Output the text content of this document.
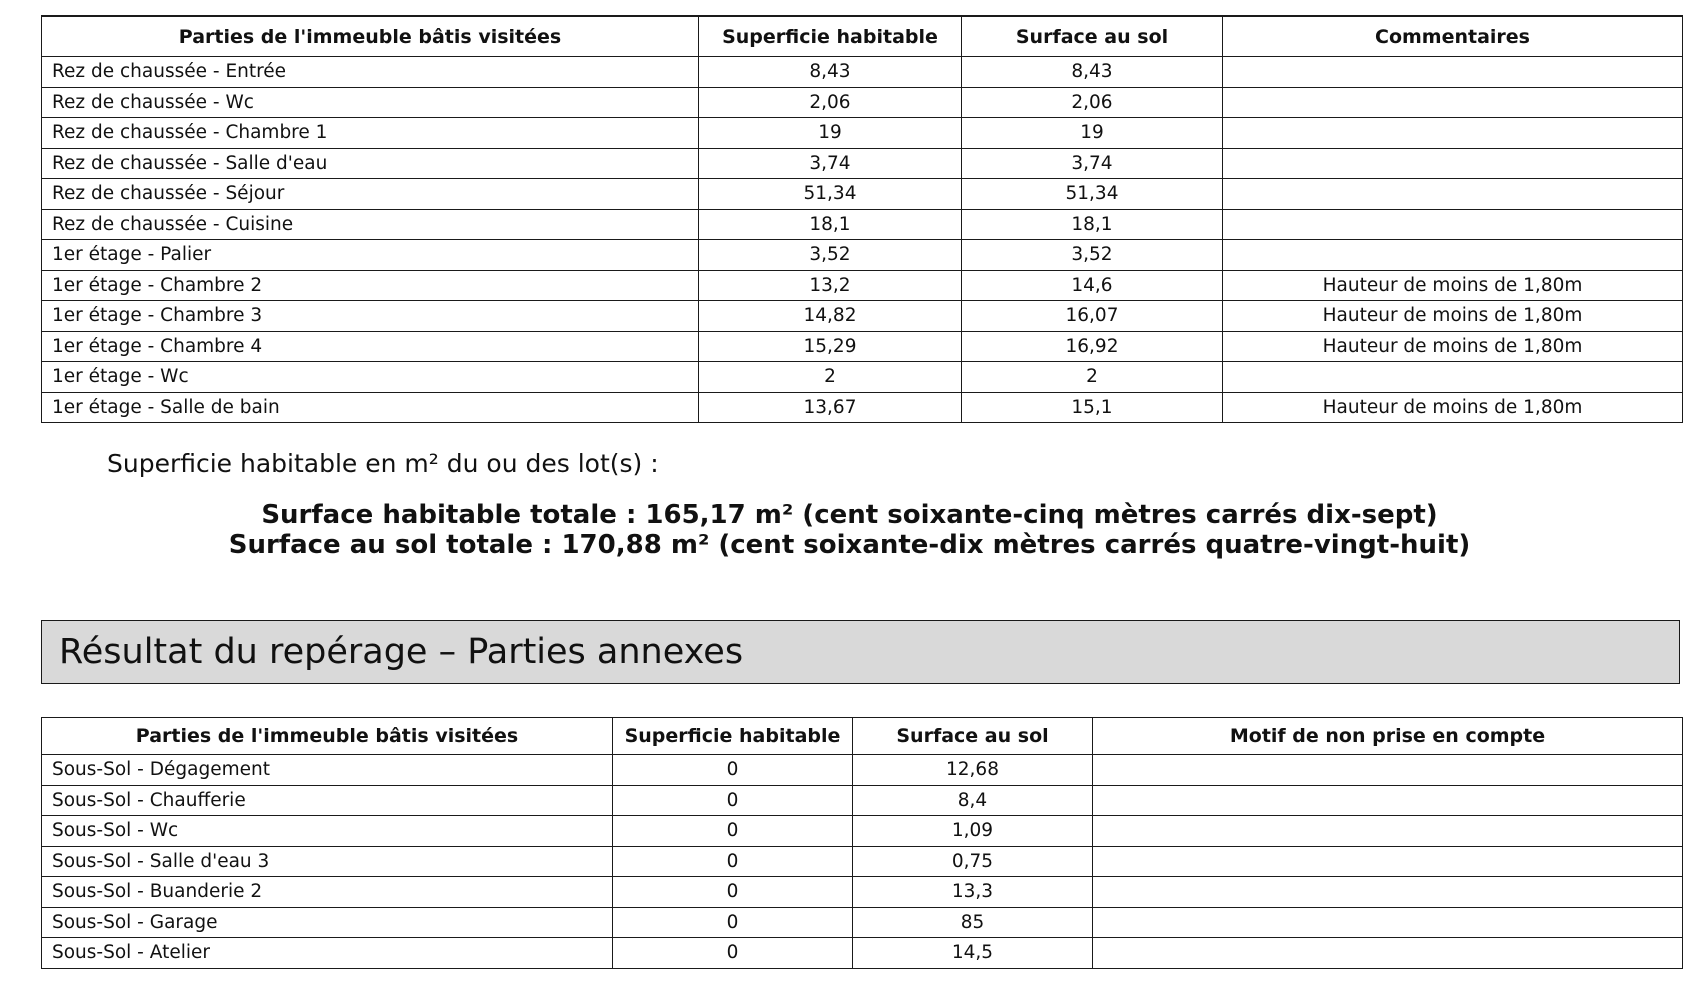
Parties de l'immeuble bâtis visitées	Superficie habitable	Surface au sol	Commentaires
Rez de chaussée - Entrée	8,43	8,43	
Rez de chaussée - Wc	2,06	2,06	
Rez de chaussée - Chambre 1	19	19	
Rez de chaussée - Salle d'eau	3,74	3,74	
Rez de chaussée - Séjour	51,34	51,34	
Rez de chaussée - Cuisine	18,1	18,1	
1er étage - Palier	3,52	3,52	
1er étage - Chambre 2	13,2	14,6	Hauteur de moins de 1,80m
1er étage - Chambre 3	14,82	16,07	Hauteur de moins de 1,80m
1er étage - Chambre 4	15,29	16,92	Hauteur de moins de 1,80m
1er étage - Wc	2	2	
1er étage - Salle de bain	13,67	15,1	Hauteur de moins de 1,80m

Superficie habitable en m² du ou des lot(s) :

Surface habitable totale : 165,17 m² (cent soixante-cinq mètres carrés dix-sept)

Surface au sol totale : 170,88 m² (cent soixante-dix mètres carrés quatre-vingt-huit)

Résultat du repérage – Parties annexes
Parties de l'immeuble bâtis visitées	Superficie habitable	Surface au sol	Motif de non prise en compte
Sous-Sol - Dégagement	0	12,68	
Sous-Sol - Chaufferie	0	8,4	
Sous-Sol - Wc	0	1,09	
Sous-Sol - Salle d'eau 3	0	0,75	
Sous-Sol - Buanderie 2	0	13,3	
Sous-Sol - Garage	0	85	
Sous-Sol - Atelier	0	14,5	
